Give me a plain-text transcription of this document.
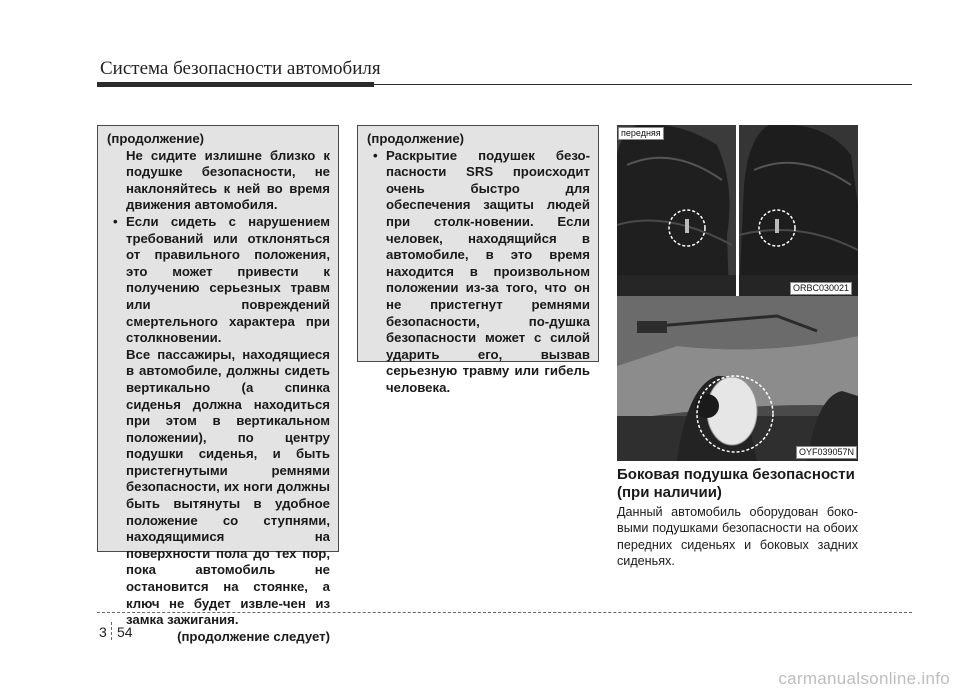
Система безопасности автомобиля
(продолжение)

Не сидите излишне близко к подушке безопасности, не наклоняйтесь к ней во время движения автомобиля.

• Если сидеть с нарушением требований или отклоняться от правильного положения, это может привести к получению серьезных травм или повреждений смертельного характера при столкновении.

Все пассажиры, находящиеся в автомобиле, должны сидеть вертикально (а спинка сиденья должна находиться при этом в вертикальном положении), по центру подушки сиденья, и быть пристегнутыми ремнями безопасности, их ноги должны быть вытянуты в удобное положение со ступнями, находящимися на поверхности пола до тех пор, пока автомобиль не остановится на стоянке, а ключ не будет извле-чен из замка зажигания.

(продолжение следует)

(продолжение)

• Раскрытие подушек безо-пасности SRS происходит очень быстро для обеспечения защиты людей при столк-новении. Если человек, находящийся в автомобиле, в это время находится в произвольном положении из-за того, что он не пристегнут ремнями безопасности, по-душка безопасности может с силой ударить его, вызвав серьезную травму или гибель человека.

передняя
ORBC030021
OYF039057N
Боковая подушка безопасности (при наличии)

Данный автомобиль оборудован боко-выми подушками безопасности на обоих передних сиденьях и боковых задних сиденьях.

3 54
carmanualsonline.info
